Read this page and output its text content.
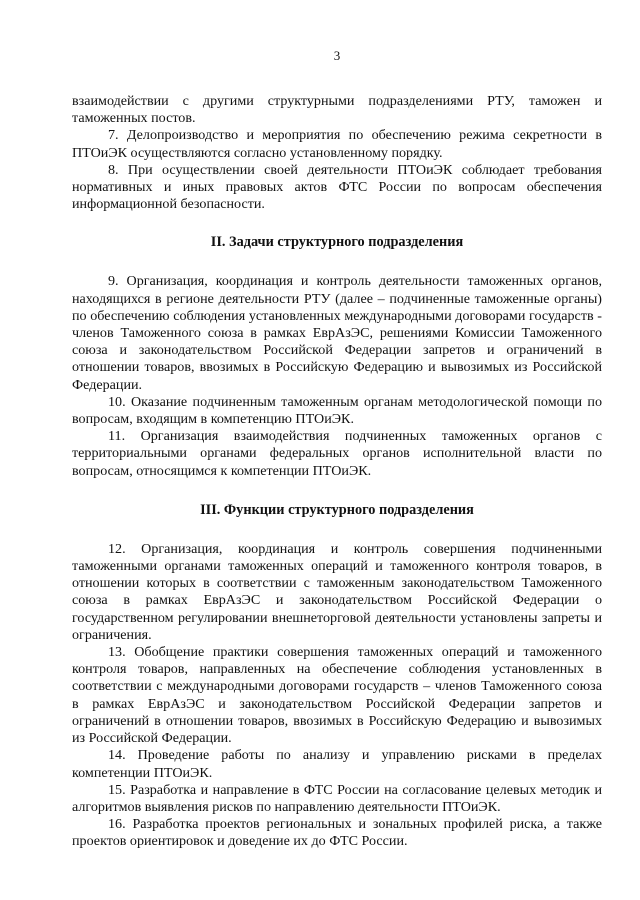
3

взаимодействии с другими структурными подразделениями РТУ, таможен и таможенных постов.

7. Делопроизводство и мероприятия по обеспечению режима секретности в ПТОиЭК осуществляются согласно установленному порядку.

8. При осуществлении своей деятельности ПТОиЭК соблюдает требования нормативных и иных правовых актов ФТС России по вопросам обеспечения информационной безопасности.

II. Задачи структурного подразделения

9. Организация, координация и контроль деятельности таможенных органов, находящихся в регионе деятельности РТУ (далее – подчиненные таможенные органы) по обеспечению соблюдения установленных международными договорами государств - членов Таможенного союза в рамках ЕврАзЭС, решениями Комиссии Таможенного союза и законодательством Российской Федерации запретов и ограничений в отношении товаров, ввозимых в Российскую Федерацию и вывозимых из Российской Федерации.

10. Оказание подчиненным таможенным органам методологической помощи по вопросам, входящим в компетенцию ПТОиЭК.

11. Организация взаимодействия подчиненных таможенных органов с территориальными органами федеральных органов исполнительной власти по вопросам, относящимся к компетенции ПТОиЭК.

III. Функции структурного подразделения

12. Организация, координация и контроль совершения подчиненными таможенными органами таможенных операций и таможенного контроля товаров, в отношении которых в соответствии с таможенным законодательством Таможенного союза в рамках ЕврАзЭС и законодательством Российской Федерации о государственном регулировании внешнеторговой деятельности установлены запреты и ограничения.

13. Обобщение практики совершения таможенных операций и таможенного контроля товаров, направленных на обеспечение соблюдения установленных в соответствии с международными договорами государств – членов Таможенного союза в рамках ЕврАзЭС и законодательством Российской Федерации запретов и ограничений в отношении товаров, ввозимых в Российскую Федерацию и вывозимых из Российской Федерации.

14. Проведение работы по анализу и управлению рисками в пределах компетенции ПТОиЭК.

15. Разработка и направление в ФТС России на согласование целевых методик и алгоритмов выявления рисков по направлению деятельности ПТОиЭК.

16. Разработка проектов региональных и зональных профилей риска, а также проектов ориентировок и доведение их до ФТС России.
